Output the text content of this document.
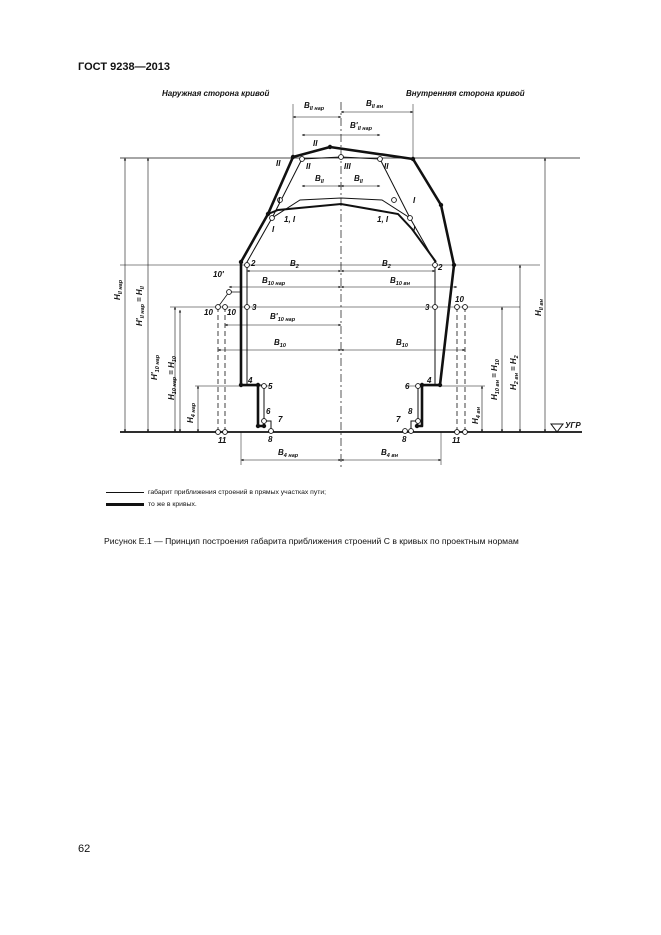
ГОСТ 9238—2013
Наружная сторона кривой	Внутренняя сторона кривой
УГР
$H_{II нар}$
$H'_{II нар}= H_{II}$
$H'_{10 нар}$
$H_{10 нар}= H_{10}$
$H_{4 нар}$
$H_{II вн}$
$H_{2 вн}= H_2$
$H_{10 вн}= H_{10}$
$H_{4 вн}$
$B_{II нар}$
$B_{II вн}$
$B'_{II нар}$
$B_{II}$	$B_{II}$
$B_2$	$B_2$
$B_{10 нар}$	$B_{10 вн}$
$B'_{10 нар}$
$B_{10}$	$B_{10}$
$B_{4 нар}$	$B_{4 вн}$
II
II	II	III	II
I	I
1, I	1, I
I	I
2	2
10'
10 10
3	3
10
4
5	6
4
6	8
7	7
8	8
11	11
габарит приближения строений в прямых участках пути;
то же в кривых.
Рисунок Е.1 — Принцип построения габарита приближения строений С в кривых по проектным нормам
62
